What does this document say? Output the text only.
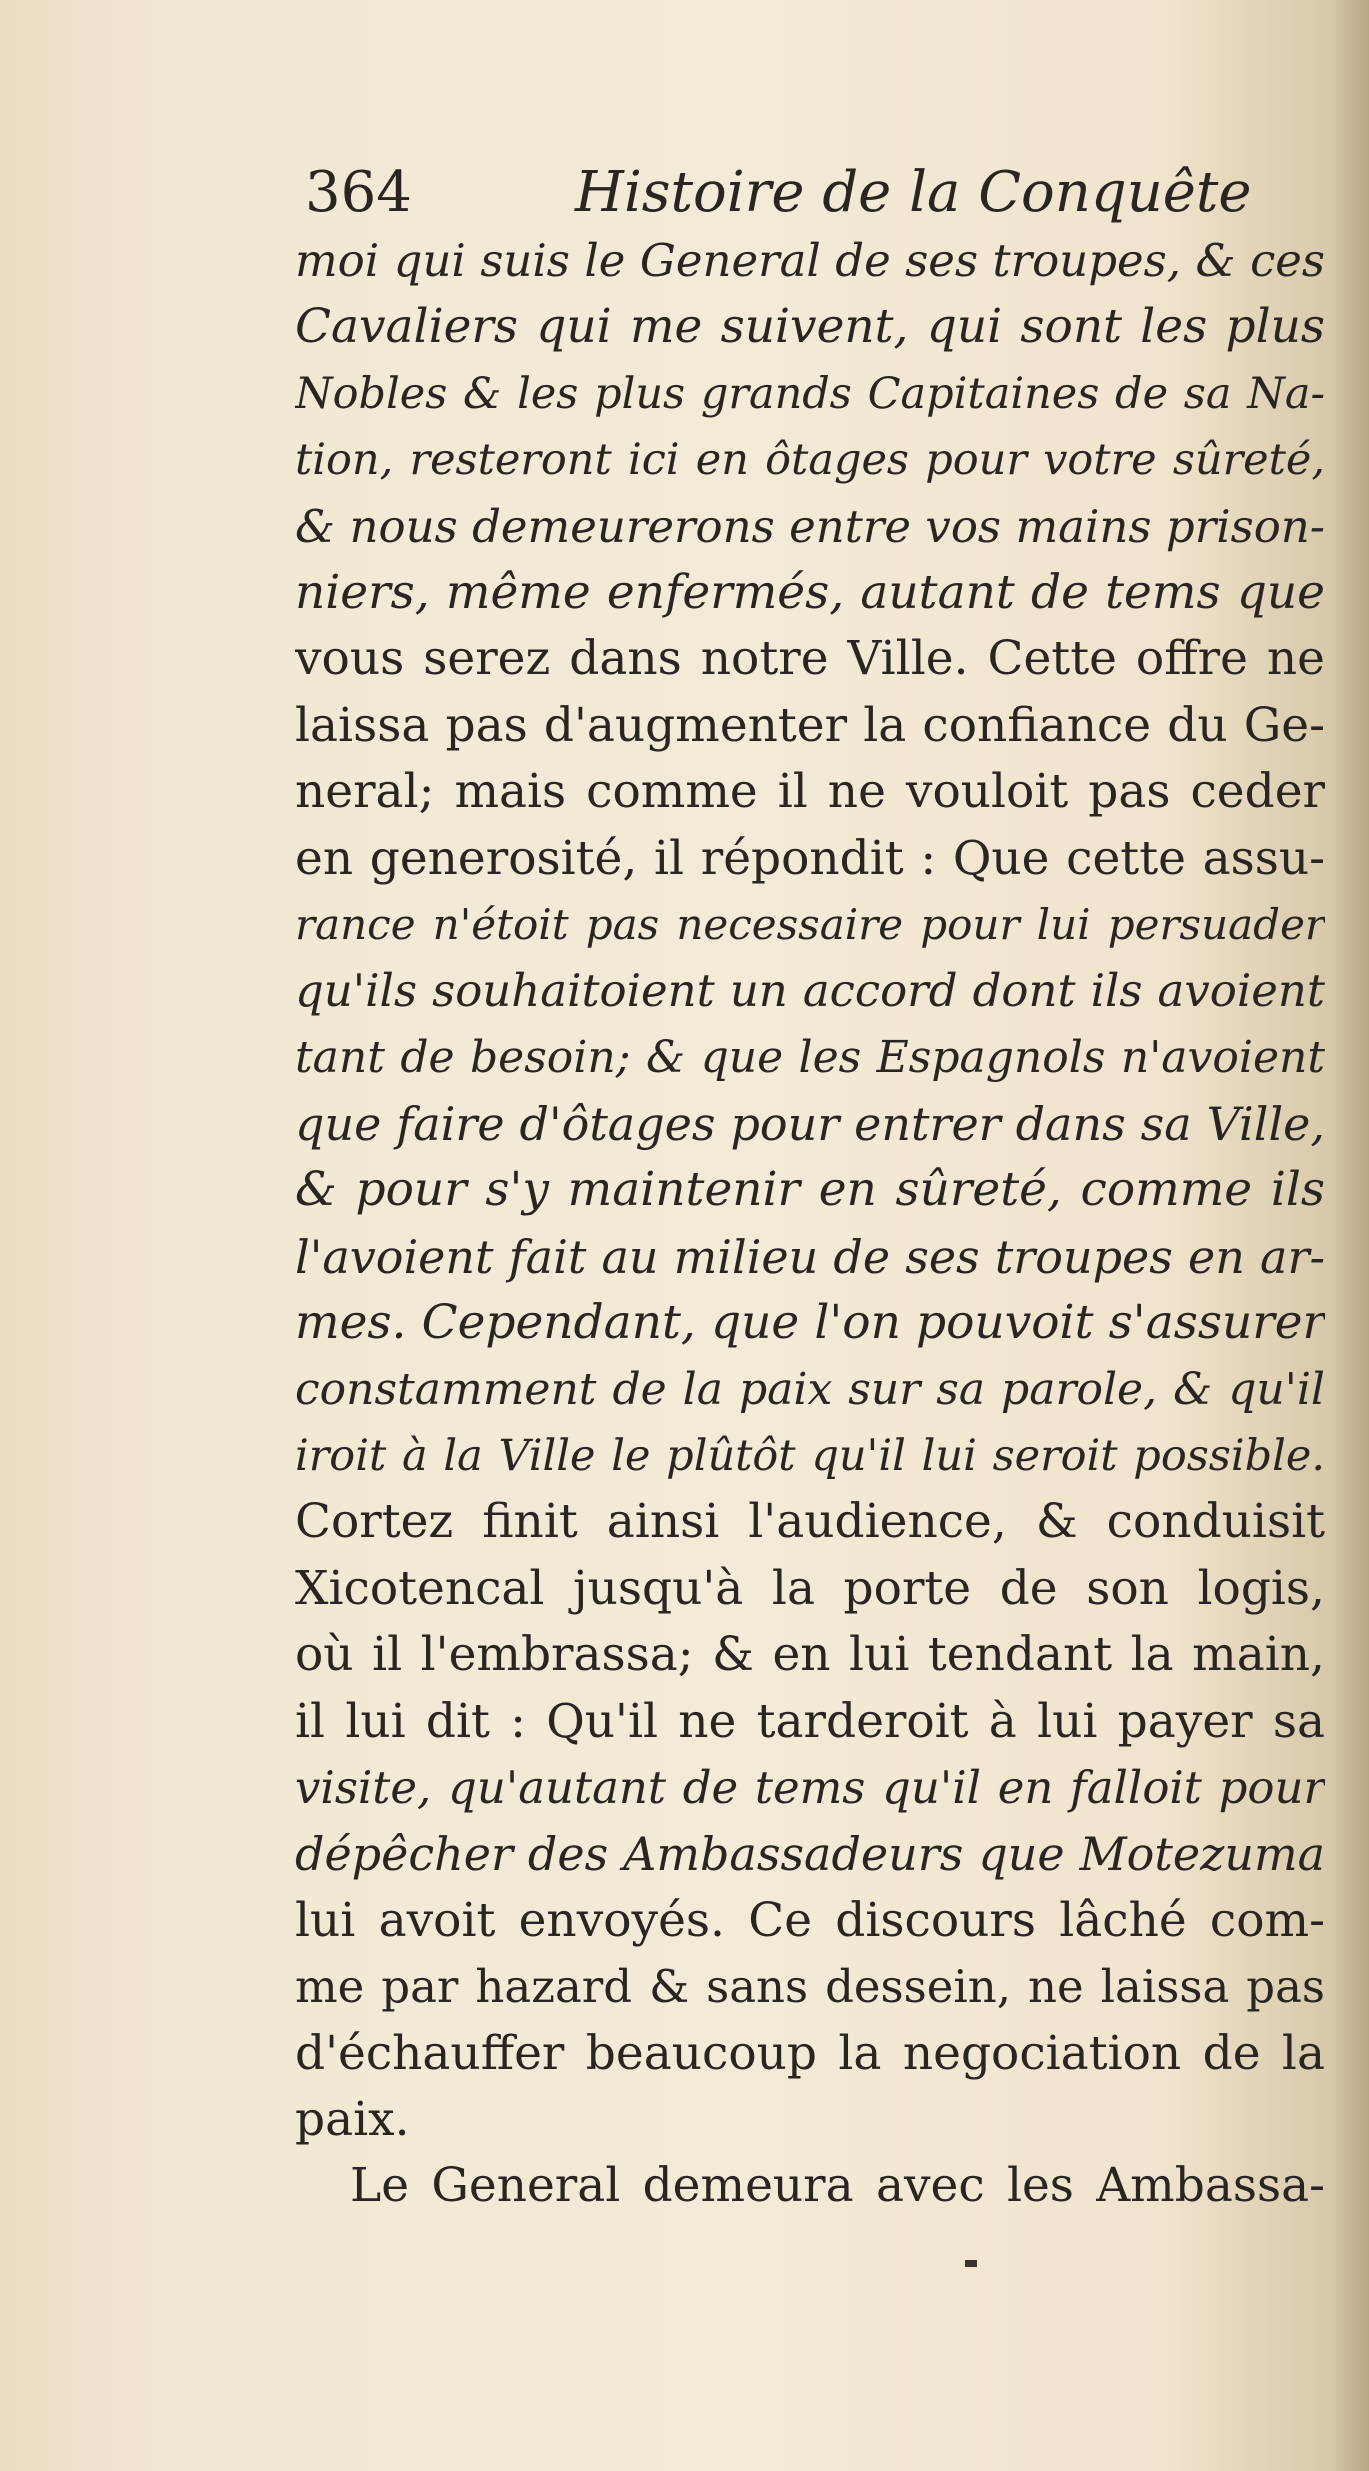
364	Histoire de la Conquête
moi qui suis le General de ses troupes, & ces
Cavaliers qui me suivent, qui sont les plus
Nobles & les plus grands Capitaines de sa Na-
tion, resteront ici en ôtages pour votre sûreté,
& nous demeurerons entre vos mains prison-
niers, même enfermés, autant de tems que
vous serez dans notre Ville. Cette offre ne
laissa pas d'augmenter la confiance du Ge-
neral; mais comme il ne vouloit pas ceder
en generosité, il répondit : Que cette assu-
rance n'étoit pas necessaire pour lui persuader
qu'ils souhaitoient un accord dont ils avoient
tant de besoin; & que les Espagnols n'avoient
que faire d'ôtages pour entrer dans sa Ville,
& pour s'y maintenir en sûreté, comme ils
l'avoient fait au milieu de ses troupes en ar-
mes. Cependant, que l'on pouvoit s'assurer
constamment de la paix sur sa parole, & qu'il
iroit à la Ville le plûtôt qu'il lui seroit possible.
Cortez finit ainsi l'audience, & conduisit
Xicotencal jusqu'à la porte de son logis,
où il l'embrassa; & en lui tendant la main,
il lui dit : Qu'il ne tarderoit à lui payer sa
visite, qu'autant de tems qu'il en falloit pour
dépêcher des Ambassadeurs que Motezuma
lui avoit envoyés. Ce discours lâché com-
me par hazard & sans dessein, ne laissa pas
d'échauffer beaucoup la negociation de la
paix.
Le General demeura avec les Ambassa-
